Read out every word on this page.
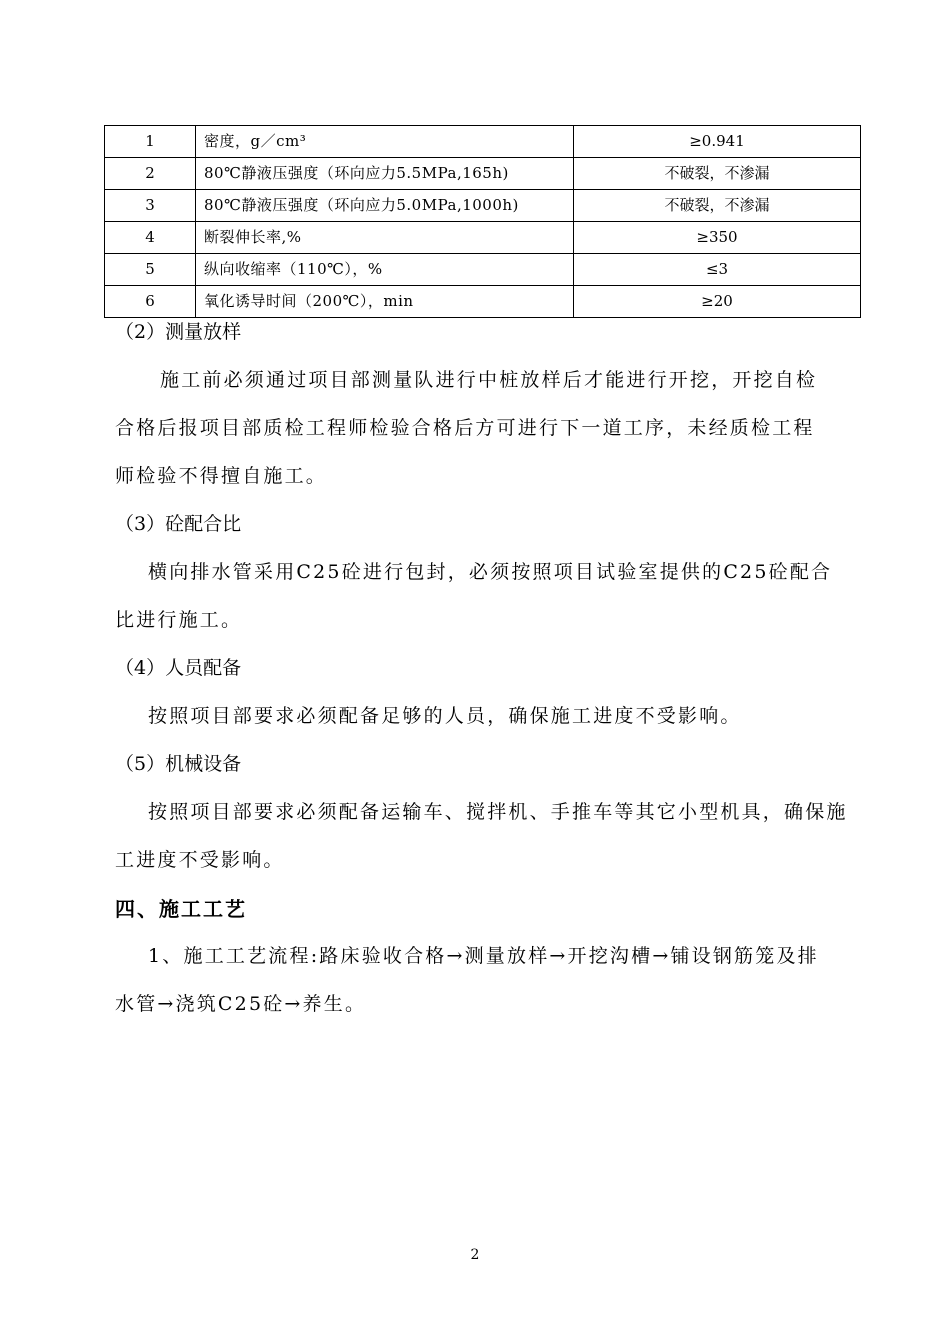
1	密度，g／cm³	≥0.941
2	80℃静液压强度（环向应力5.5MPa,165h)	不破裂，不渗漏
3	80℃静液压强度（环向应力5.0MPa,1000h)	不破裂，不渗漏
4	断裂伸长率,%	≥350
5	纵向收缩率（110℃），%	≤3
6	氧化诱导时间（200℃），min	≥20
（2）测量放样
施工前必须通过项目部测量队进行中桩放样后才能进行开挖，开挖自检
合格后报项目部质检工程师检验合格后方可进行下一道工序，未经质检工程
师检验不得擅自施工。
（3）砼配合比
横向排水管采用C25砼进行包封，必须按照项目试验室提供的C25砼配合
比进行施工。
（4）人员配备
按照项目部要求必须配备足够的人员，确保施工进度不受影响。
（5）机械设备
按照项目部要求必须配备运输车、搅拌机、手推车等其它小型机具，确保施
工进度不受影响。
四、施工工艺
1、施工工艺流程:路床验收合格→测量放样→开挖沟槽→铺设钢筋笼及排
水管→浇筑C25砼→养生。
2
